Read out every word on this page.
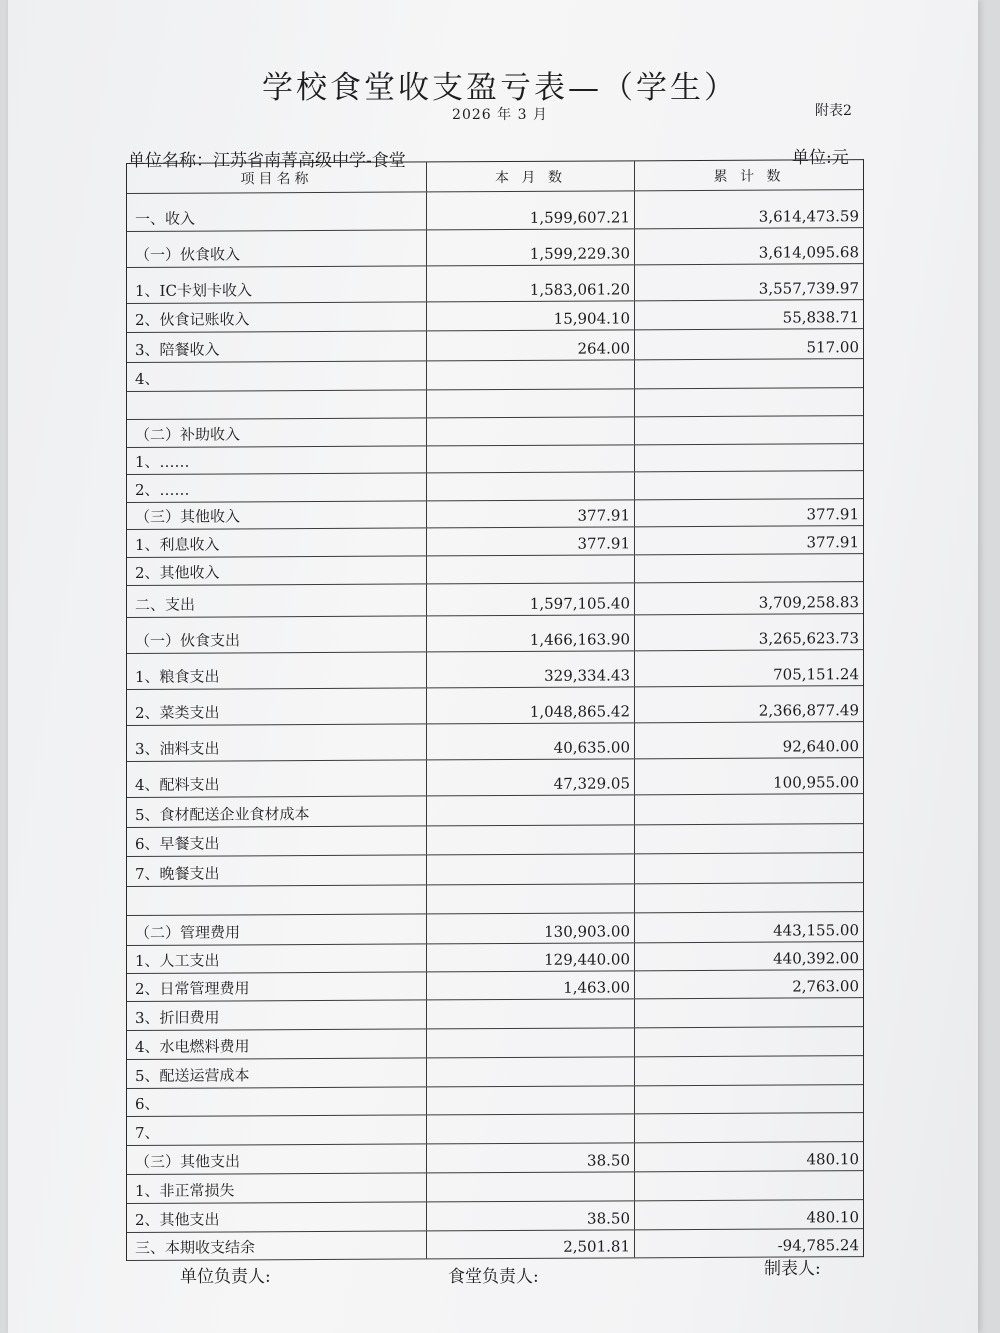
学校食堂收支盈亏表—（学生）
2026 年 3 月	附表2
单位名称：江苏省南菁高级中学-食堂	单位:元
项目名称	本 月 数	累 计 数
一、收入	1,599,607.21	3,614,473.59
（一）伙食收入	1,599,229.30	3,614,095.68
1、IC卡划卡收入	1,583,061.20	3,557,739.97
2、伙食记账收入	15,904.10	55,838.71
3、陪餐收入	264.00	517.00
4、
（二）补助收入
1、……
2、……
（三）其他收入	377.91	377.91
1、利息收入	377.91	377.91
2、其他收入
二、支出	1,597,105.40	3,709,258.83
（一）伙食支出	1,466,163.90	3,265,623.73
1、粮食支出	329,334.43	705,151.24
2、菜类支出	1,048,865.42	2,366,877.49
3、油料支出	40,635.00	92,640.00
4、配料支出	47,329.05	100,955.00
5、食材配送企业食材成本
6、早餐支出
7、晚餐支出
（二）管理费用	130,903.00	443,155.00
1、人工支出	129,440.00	440,392.00
2、日常管理费用	1,463.00	2,763.00
3、折旧费用
4、水电燃料费用
5、配送运营成本
6、
7、
（三）其他支出	38.50	480.10
1、非正常损失
2、其他支出	38.50	480.10
三、本期收支结余	2,501.81	-94,785.24
单位负责人:	食堂负责人:	制表人:
